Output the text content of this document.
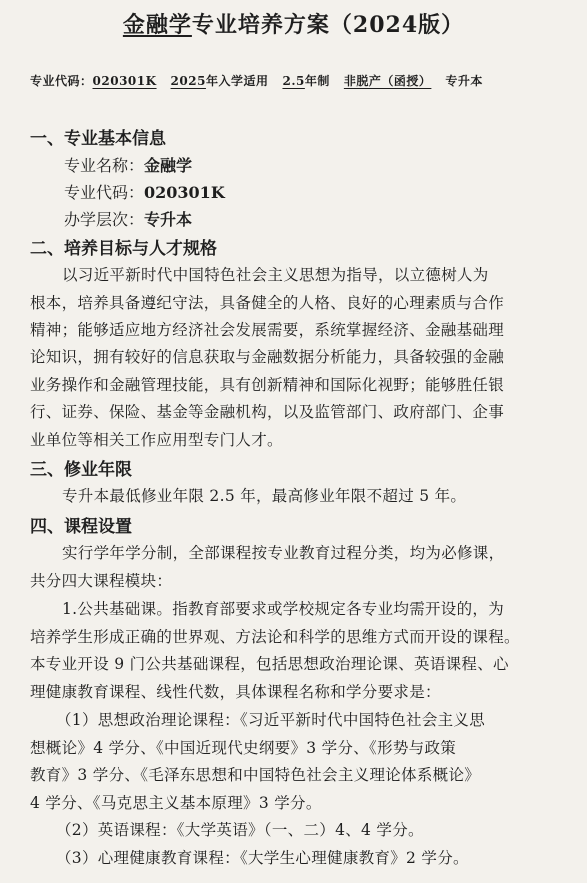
金融学专业培养方案（2024版）
专业代码：020301K 2025年入学适用 2.5年制 非脱产（函授） 专升本
一、专业基本信息
专业名称：金融学
专业代码：020301K
办学层次：专升本
二、培养目标与人才规格
以习近平新时代中国特色社会主义思想为指导，以立德树人为
根本，培养具备遵纪守法，具备健全的人格、良好的心理素质与合作
精神；能够适应地方经济社会发展需要，系统掌握经济、金融基础理
论知识，拥有较好的信息获取与金融数据分析能力，具备较强的金融
业务操作和金融管理技能，具有创新精神和国际化视野；能够胜任银
行、证券、保险、基金等金融机构，以及监管部门、政府部门、企事
业单位等相关工作应用型专门人才。
三、修业年限
专升本最低修业年限 2.5 年，最高修业年限不超过 5 年。
四、课程设置
实行学年学分制，全部课程按专业教育过程分类，均为必修课，
共分四大课程模块：
1.公共基础课。指教育部要求或学校规定各专业均需开设的，为
培养学生形成正确的世界观、方法论和科学的思维方式而开设的课程。
本专业开设 9 门公共基础课程，包括思想政治理论课、英语课程、心
理健康教育课程、线性代数，具体课程名称和学分要求是：
（1）思想政治理论课程：《习近平新时代中国特色社会主义思
想概论》4 学分、《中国近现代史纲要》3 学分、《形势与政策
教育》3 学分、《毛泽东思想和中国特色社会主义理论体系概论》
4 学分、《马克思主义基本原理》3 学分。
（2）英语课程：《大学英语》（一、二）4、4 学分。
（3）心理健康教育课程：《大学生心理健康教育》2 学分。
